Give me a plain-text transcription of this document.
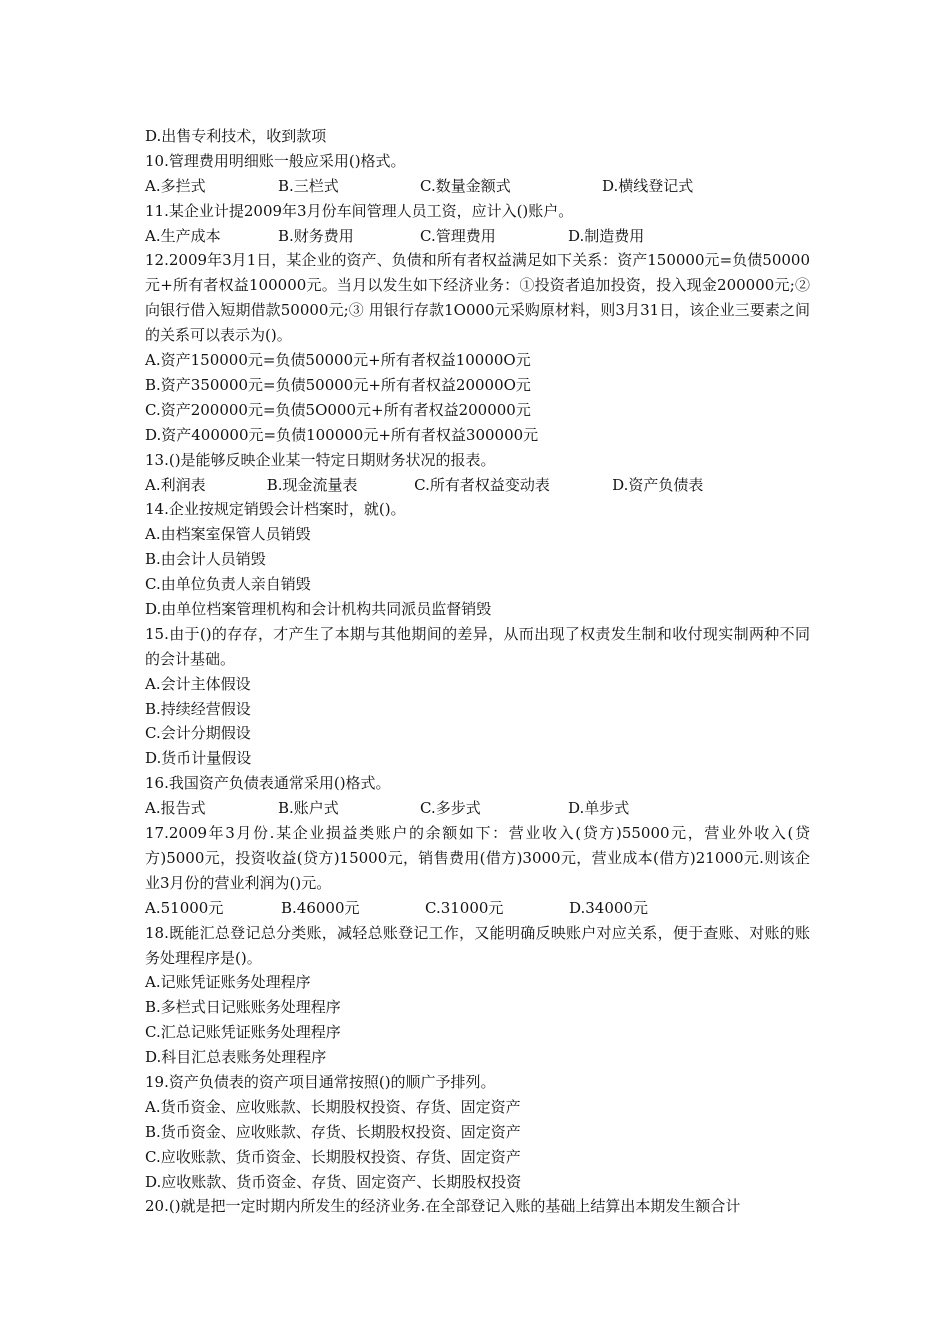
D.出售专利技术，收到款项
10.管理费用明细账一般应采用()格式。
A.多拦式	B.三栏式	C.数量金额式	D.横线登记式
11.某企业计提2009年3月份车间管理人员工资，应计入()账户。
A.生产成本	B.财务费用	C.管理费用	D.制造费用
12.2009年3月1日，某企业的资产、负债和所有者权益满足如下关系：资产150000元=负债50000元+所有者权益100000元。当月以发生如下经济业务：①投资者追加投资，投入现金200000元;② 向银行借入短期借款50000元;③ 用银行存款1O000元采购原材料，则3月31日，该企业三要素之间的关系可以表示为()。
A.资产150000元=负债50000元+所有者权益10000O元
B.资产350000元=负债50000元+所有者权益20000O元
C.资产200000元=负债5O000元+所有者权益200000元
D.资产400000元=负债100000元+所有者权益300000元
13.()是能够反映企业某一特定日期财务状况的报表。
A.利润表	B.现金流量表	C.所有者权益变动表	D.资产负债表
14.企业按规定销毁会计档案时，就()。
A.由档案室保管人员销毁
B.由会计人员销毁
C.由单位负责人亲自销毁
D.由单位档案管理机构和会计机构共同派员监督销毁
15.由于()的存存，才产生了本期与其他期间的差异，从而出现了权责发生制和收付现实制两种不同的会计基础。
A.会计主体假设
B.持续经营假设
C.会计分期假设
D.货币计量假设
16.我国资产负债表通常采用()格式。
A.报告式	B.账户式	C.多步式	D.单步式
17.2009年3月份.某企业损益类账户的余额如下：营业收入(贷方)55000元，营业外收入(贷方)5000元，投资收益(贷方)15000元，销售费用(借方)3000元，营业成本(借方)21000元.则该企业3月份的营业利润为()元。
A.51000元	B.46000元	C.31000元	D.34000元
18.既能汇总登记总分类账，减轻总账登记工作，又能明确反映账户对应关系，便于查账、对账的账务处理程序是()。
A.记账凭证账务处理程序
B.多栏式日记账账务处理程序
C.汇总记账凭证账务处理程序
D.科目汇总表账务处理程序
19.资产负债表的资产项目通常按照()的顺广予排列。
A.货币资金、应收账款、长期股权投资、存货、固定资产
B.货币资金、应收账款、存货、长期股权投资、固定资产
C.应收账款、货币资金、长期股权投资、存货、固定资产
D.应收账款、货币资金、存货、固定资产、长期股权投资
20.()就是把一定时期内所发生的经济业务.在全部登记入账的基础上结算出本期发生额合计
